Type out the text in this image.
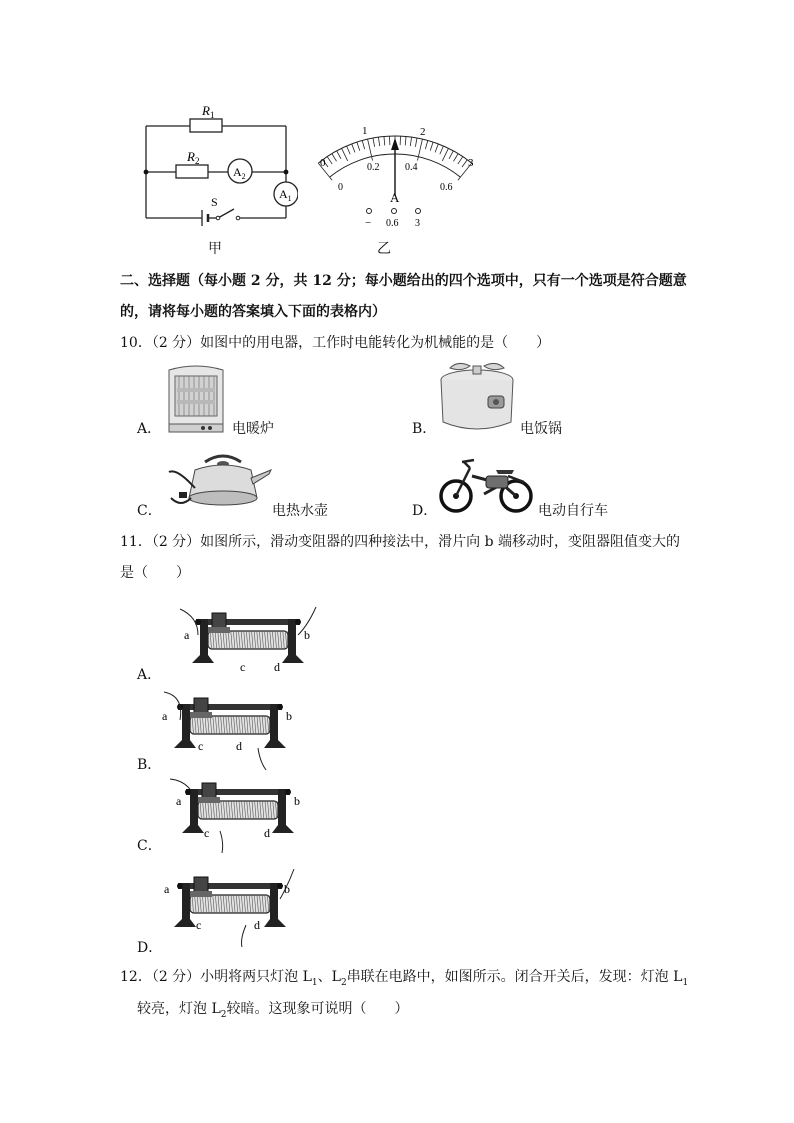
$R_1$
$R_2$
$A_2$
$A_1$
S
甲
0
1	2
3
0
0.2	0.4
0.6
A
− 0.6 3
乙
二、选择题（每小题 2 分，共 12 分；每小题给出的四个选项中，只有一个选项是符合题意
的，请将每小题的答案填入下面的表格内）
10．（2 分）如图中的用电器，工作时电能转化为机械能的是（　　）
A．	电暖炉	B．	电饭锅
C．	电热水壶	D．	电动自行车
11．（2 分）如图所示，滑动变阻器的四种接法中，滑片向 b 端移动时，变阻器阻值变大的
是（　　）
A．
a	b
c d
B．
a	b
c	d
C．
a	b
c	d
D．
a	b
c	d
12．（2 分）小明将两只灯泡 $L_1$、$L_2$串联在电路中，如图所示。闭合开关后，发现：灯泡 $L_1$
较亮，灯泡 $L_2$较暗。这现象可说明（　　）
